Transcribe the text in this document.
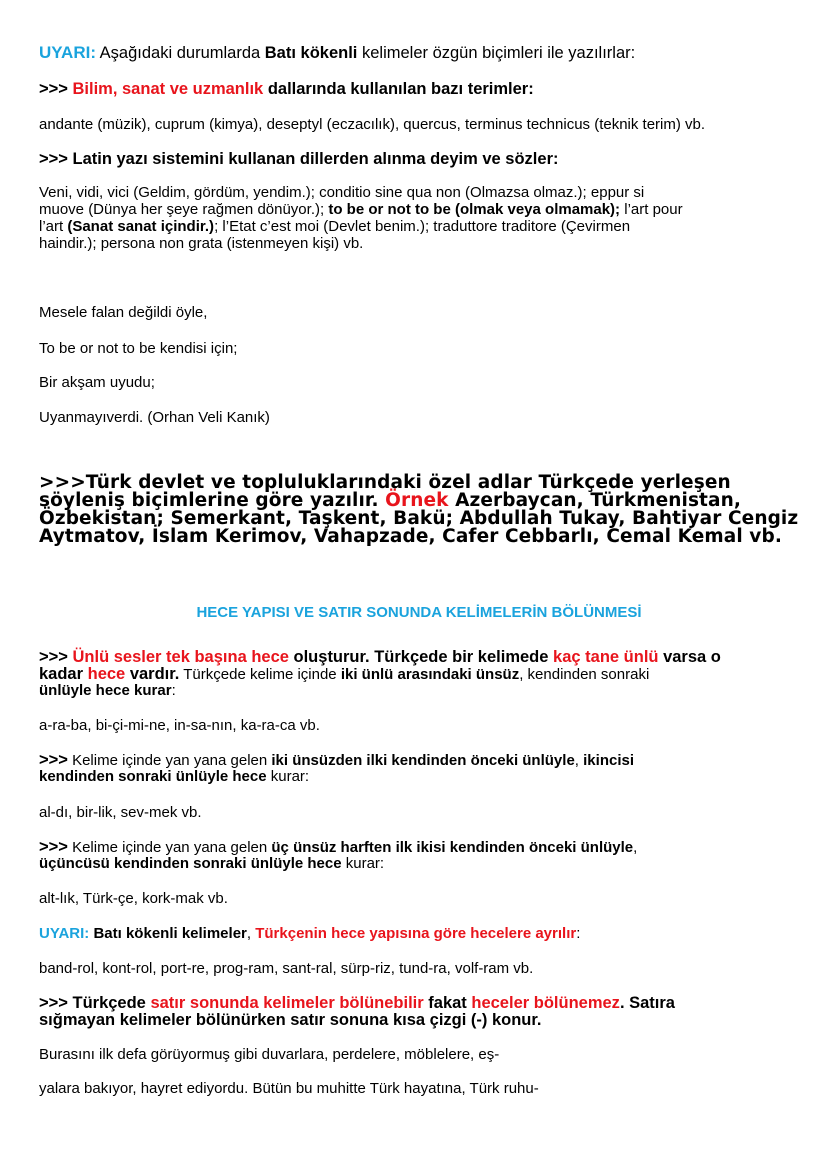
UYARI: Aşağıdaki durumlarda Batı kökenli kelimeler özgün biçimleri ile yazılırlar:

>>> Bilim, sanat ve uzmanlık dallarında kullanılan bazı terimler:

andante (müzik), cuprum (kimya), deseptyl (eczacılık), quercus, terminus technicus (teknik terim) vb.

>>> Latin yazı sistemini kullanan dillerden alınma deyim ve sözler:

Veni, vidi, vici (Geldim, gördüm, yendim.); conditio sine qua non (Olmazsa olmaz.); eppur si

muove (Dünya her şeye rağmen dönüyor.); to be or not to be (olmak veya olmamak); l’art pour

l’art (Sanat sanat içindir.); l’Etat c’est moi (Devlet benim.); traduttore traditore (Çevirmen

haindir.); persona non grata (istenmeyen kişi) vb.

Mesele falan değildi öyle,

To be or not to be kendisi için;

Bir akşam uyudu;

Uyanmayıverdi. (Orhan Veli Kanık)

>>>Türk devlet ve topluluklarındaki özel adlar Türkçede yerleşen

söyleniş biçimlerine göre yazılır. Örnek Azerbaycan, Türkmenistan,

Özbekistan; Semerkant, Taşkent, Bakü; Abdullah Tukay, Bahtiyar Cengiz

Aytmatov, İslam Kerimov, Vahapzade, Cafer Cebbarlı, Cemal Kemal vb.

HECE YAPISI VE SATIR SONUNDA KELİMELERİN BÖLÜNMESİ

>>> Ünlü sesler tek başına hece oluşturur. Türkçede bir kelimede kaç tane ünlü varsa o

kadar hece vardır. Türkçede kelime içinde iki ünlü arasındaki ünsüz, kendinden sonraki

ünlüyle hece kurar:

a-ra-ba, bi-çi-mi-ne, in-sa-nın, ka-ra-ca vb.

>>> Kelime içinde yan yana gelen iki ünsüzden ilki kendinden önceki ünlüyle, ikincisi

kendinden sonraki ünlüyle hece kurar:

al-dı, bir-lik, sev-mek vb.

>>> Kelime içinde yan yana gelen üç ünsüz harften ilk ikisi kendinden önceki ünlüyle,

üçüncüsü kendinden sonraki ünlüyle hece kurar:

alt-lık, Türk-çe, kork-mak vb.

UYARI: Batı kökenli kelimeler, Türkçenin hece yapısına göre hecelere ayrılır:

band-rol, kont-rol, port-re, prog-ram, sant-ral, sürp-riz, tund-ra, volf-ram vb.

>>> Türkçede satır sonunda kelimeler bölünebilir fakat heceler bölünemez. Satıra

sığmayan kelimeler bölünürken satır sonuna kısa çizgi (-) konur.

Burasını ilk defa görüyormuş gibi duvarlara, perdelere, möblelere, eş-

yalara bakıyor, hayret ediyordu. Bütün bu muhitte Türk hayatına, Türk ruhu-
